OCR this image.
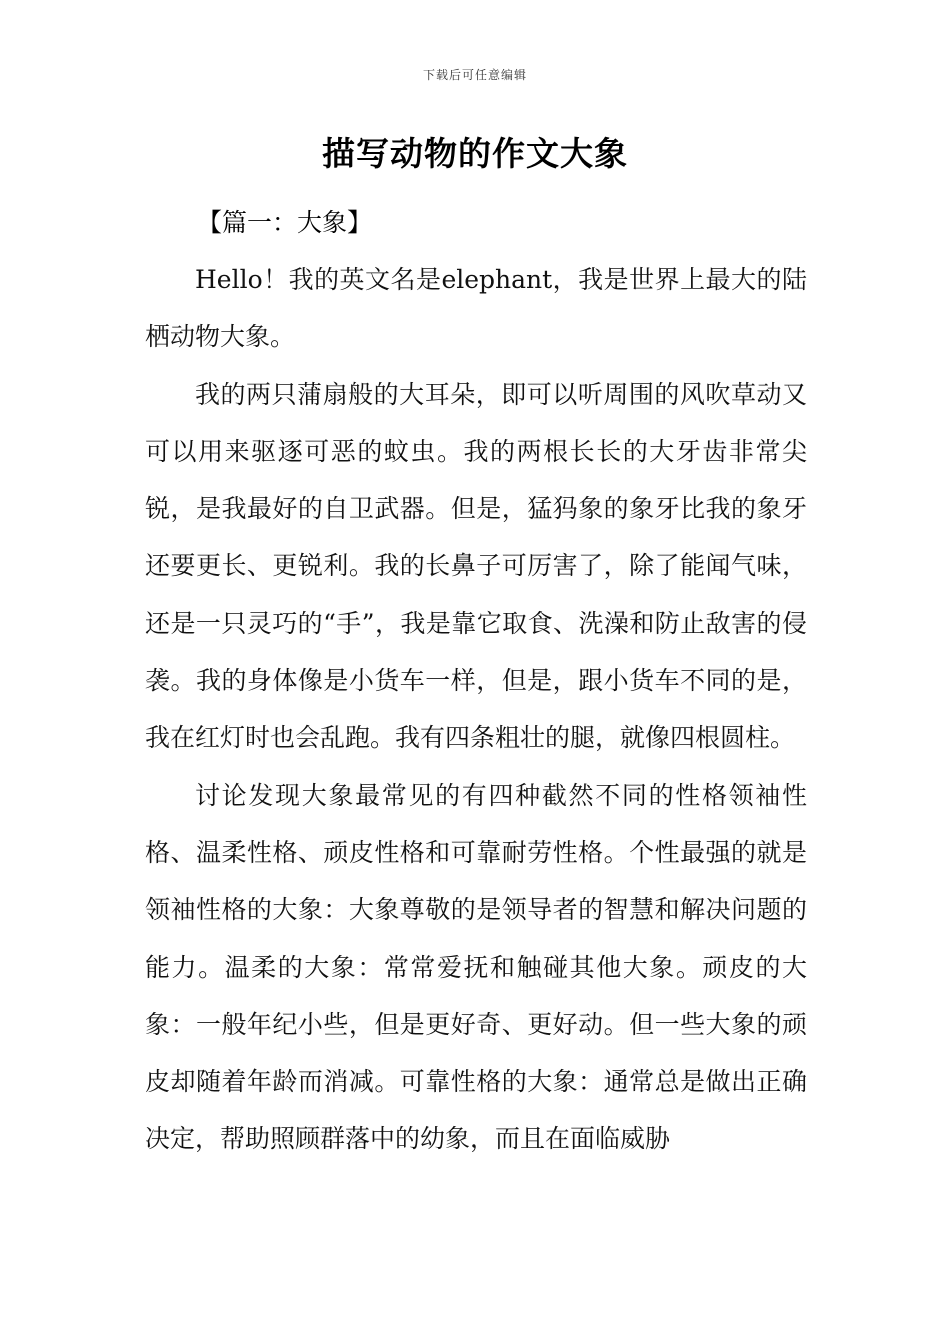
下载后可任意编辑
描写动物的作文大象
【篇一：大象】

Hello！我的英文名是elephant，我是世界上最大的陆栖动物大象。

我的两只蒲扇般的大耳朵，即可以听周围的风吹草动又可以用来驱逐可恶的蚊虫。我的两根长长的大牙齿非常尖锐，是我最好的自卫武器。但是，猛犸象的象牙比我的象牙还要更长、更锐利。我的长鼻子可厉害了，除了能闻气味，还是一只灵巧的“手”，我是靠它取食、洗澡和防止敌害的侵袭。我的身体像是小货车一样，但是，跟小货车不同的是，我在红灯时也会乱跑。我有四条粗壮的腿，就像四根圆柱。

讨论发现大象最常见的有四种截然不同的性格领袖性格、温柔性格、顽皮性格和可靠耐劳性格。个性最强的就是领袖性格的大象：大象尊敬的是领导者的智慧和解决问题的能力。温柔的大象：常常爱抚和触碰其他大象。顽皮的大象：一般年纪小些，但是更好奇、更好动。但一些大象的顽皮却随着年龄而消减。可靠性格的大象：通常总是做出正确决定，帮助照顾群落中的幼象，而且在面临威胁
